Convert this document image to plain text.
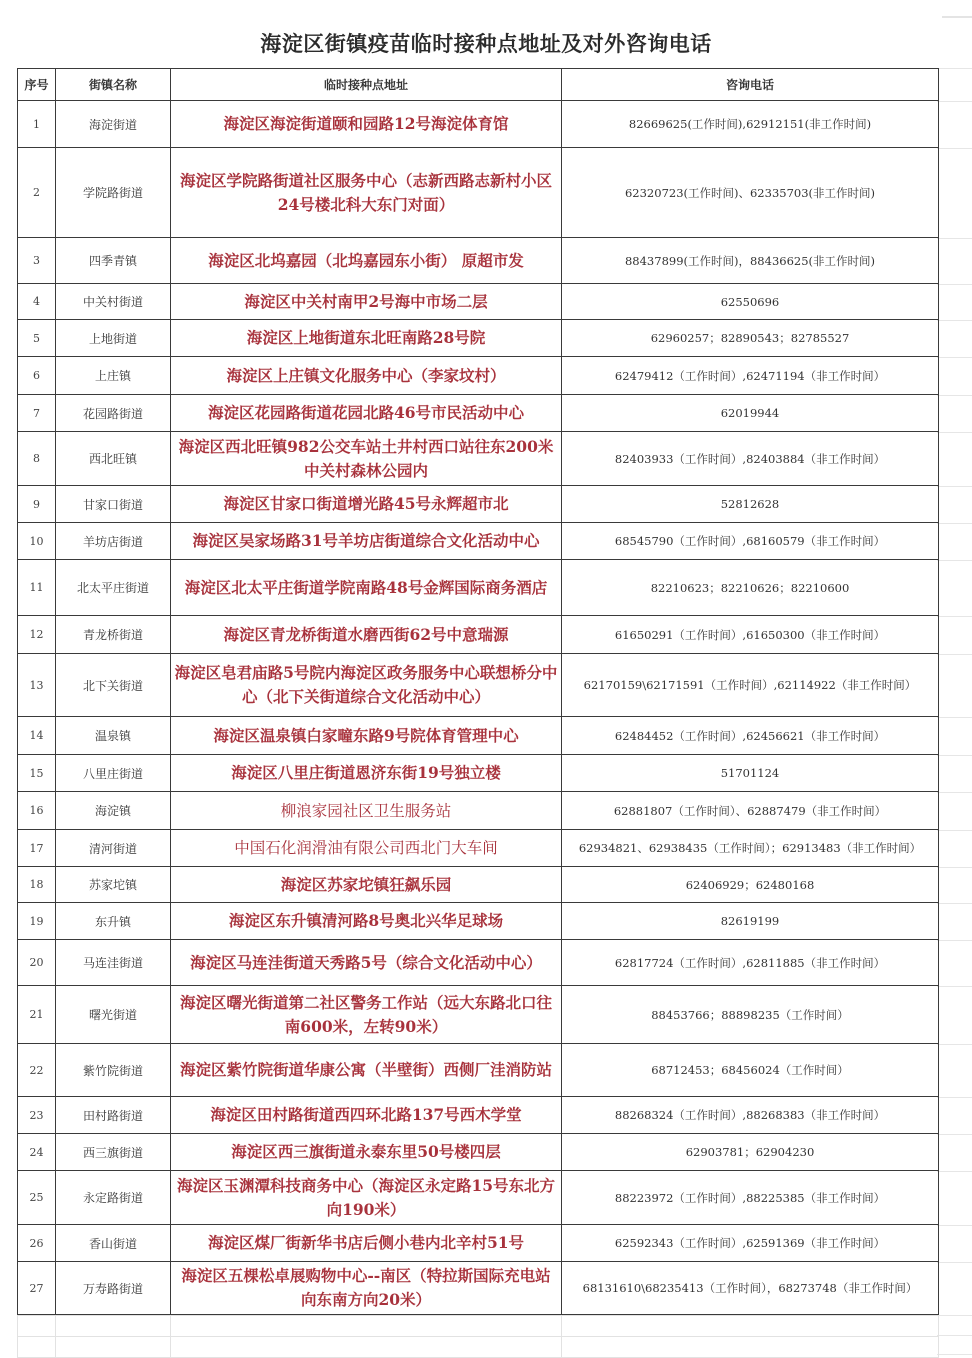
海淀区街镇疫苗临时接种点地址及对外咨询电话
序号	街镇名称	临时接种点地址	咨询电话
1	海淀街道	海淀区海淀街道颐和园路12号海淀体育馆	82669625(工作时间),62912151(非工作时间)
2	学院路街道	海淀区学院路街道社区服务中心（志新西路志新村小区24号楼北科大东门对面）	62320723(工作时间)、62335703(非工作时间)
3	四季青镇	海淀区北坞嘉园（北坞嘉园东小街） 原超市发	88437899(工作时间)，88436625(非工作时间)
4	中关村街道	海淀区中关村南甲2号海中市场二层	62550696
5	上地街道	海淀区上地街道东北旺南路28号院	62960257；82890543；82785527
6	上庄镇	海淀区上庄镇文化服务中心（李家坟村）	62479412（工作时间）,62471194（非工作时间）
7	花园路街道	海淀区花园路街道花园北路46号市民活动中心	62019944
8	西北旺镇	海淀区西北旺镇982公交车站土井村西口站往东200米中关村森林公园内	82403933（工作时间）,82403884（非工作时间）
9	甘家口街道	海淀区甘家口街道增光路45号永辉超市北	52812628
10	羊坊店街道	海淀区吴家场路31号羊坊店街道综合文化活动中心	68545790（工作时间）,68160579（非工作时间）
11	北太平庄街道	海淀区北太平庄街道学院南路48号金辉国际商务酒店	82210623；82210626；82210600
12	青龙桥街道	海淀区青龙桥街道水磨西街62号中意瑞源	61650291（工作时间）,61650300（非工作时间）
13	北下关街道	海淀区皂君庙路5号院内海淀区政务服务中心联想桥分中心（北下关街道综合文化活动中心）	62170159\62171591（工作时间）,62114922（非工作时间）
14	温泉镇	海淀区温泉镇白家疃东路9号院体育管理中心	62484452（工作时间）,62456621（非工作时间）
15	八里庄街道	海淀区八里庄街道恩济东街19号独立楼	51701124
16	海淀镇	柳浪家园社区卫生服务站	62881807（工作时间）、62887479（非工作时间）
17	清河街道	中国石化润滑油有限公司西北门大车间	62934821、62938435（工作时间）；62913483（非工作时间）
18	苏家坨镇	海淀区苏家坨镇狂飙乐园	62406929；62480168
19	东升镇	海淀区东升镇清河路8号奥北兴华足球场	82619199
20	马连洼街道	海淀区马连洼街道天秀路5号（综合文化活动中心）	62817724（工作时间）,62811885（非工作时间）
21	曙光街道	海淀区曙光街道第二社区警务工作站（远大东路北口往南600米，左转90米）	88453766；88898235（工作时间）
22	紫竹院街道	海淀区紫竹院街道华康公寓（半壁街）西侧厂洼消防站	68712453；68456024（工作时间）
23	田村路街道	海淀区田村路街道西四环北路137号西木学堂	88268324（工作时间）,88268383（非工作时间）
24	西三旗街道	海淀区西三旗街道永泰东里50号楼四层	62903781；62904230
25	永定路街道	海淀区玉渊潭科技商务中心（海淀区永定路15号东北方向190米）	88223972（工作时间）,88225385（非工作时间）
26	香山街道	海淀区煤厂街新华书店后侧小巷内北辛村51号	62592343（工作时间）,62591369（非工作时间）
27	万寿路街道	海淀区五棵松卓展购物中心--南区（特拉斯国际充电站向东南方向20米）	68131610\68235413（工作时间），68273748（非工作时间）
